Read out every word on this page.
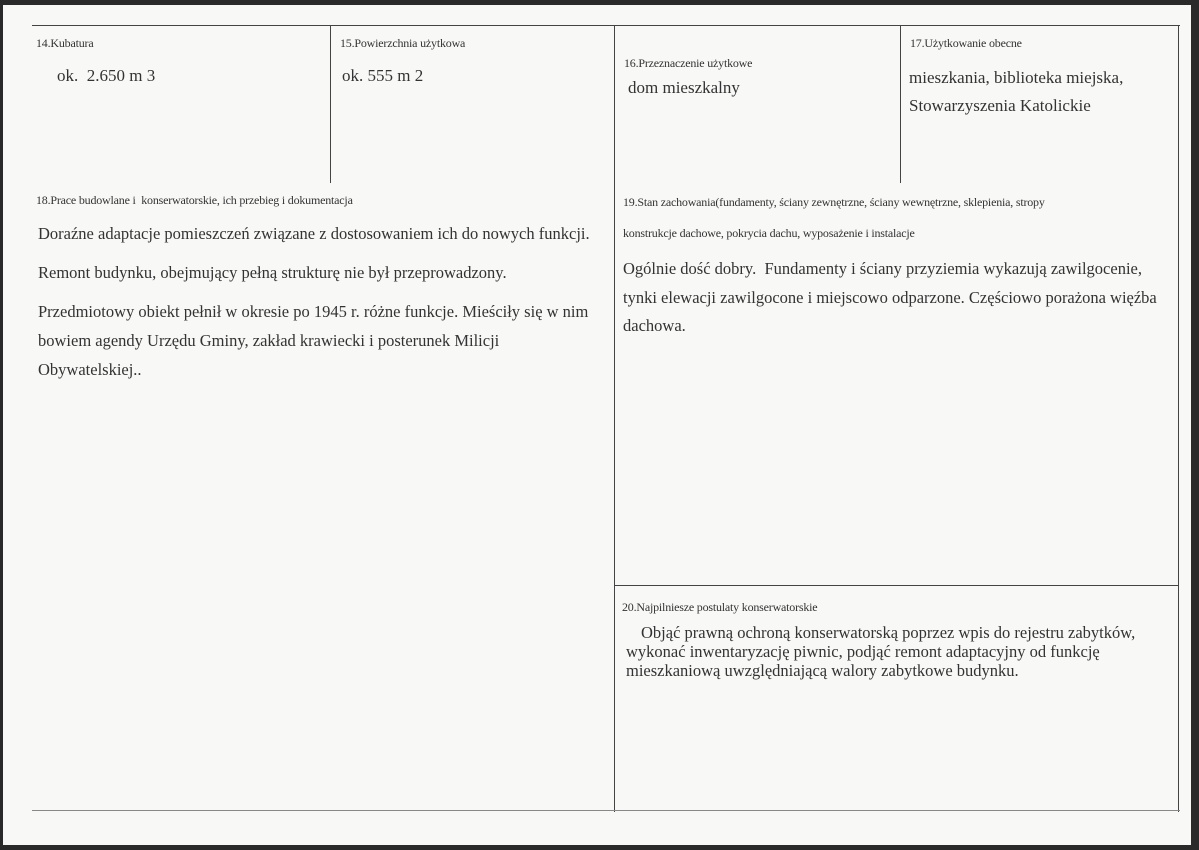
14.Kubatura
ok.  2.650 m 3
15.Powierzchnia użytkowa
ok. 555 m 2
16.Przeznaczenie użytkowe
dom mieszkalny
17.Użytkowanie obecne
mieszkania, biblioteka miejska,
Stowarzyszenia Katolickie
18.Prace budowlane i  konserwatorskie, ich przebieg i dokumentacja
Doraźne adaptacje pomieszczeń związane z dostosowaniem ich do nowych funkcji.
Remont budynku, obejmujący pełną strukturę nie był przeprowadzony.
Przedmiotowy obiekt pełnił w okresie po 1945 r. różne funkcje. Mieściły się w nim
bowiem agendy Urzędu Gminy, zakład krawiecki i posterunek Milicji
Obywatelskiej..
19.Stan zachowania(fundamenty, ściany zewnętrzne, ściany wewnętrzne, sklepienia, stropy
konstrukcje dachowe, pokrycia dachu, wyposażenie i instalacje
Ogólnie dość dobry.  Fundamenty i ściany przyziemia wykazują zawilgocenie,
tynki elewacji zawilgocone i miejscowo odparzone. Częściowo porażona więźba
dachowa.
20.Najpilniesze postulaty konserwatorskie
Objąć prawną ochroną konserwatorską poprzez wpis do rejestru zabytków,
wykonać inwentaryzację piwnic, podjąć remont adaptacyjny od funkcję
mieszkaniową uwzględniającą walory zabytkowe budynku.
